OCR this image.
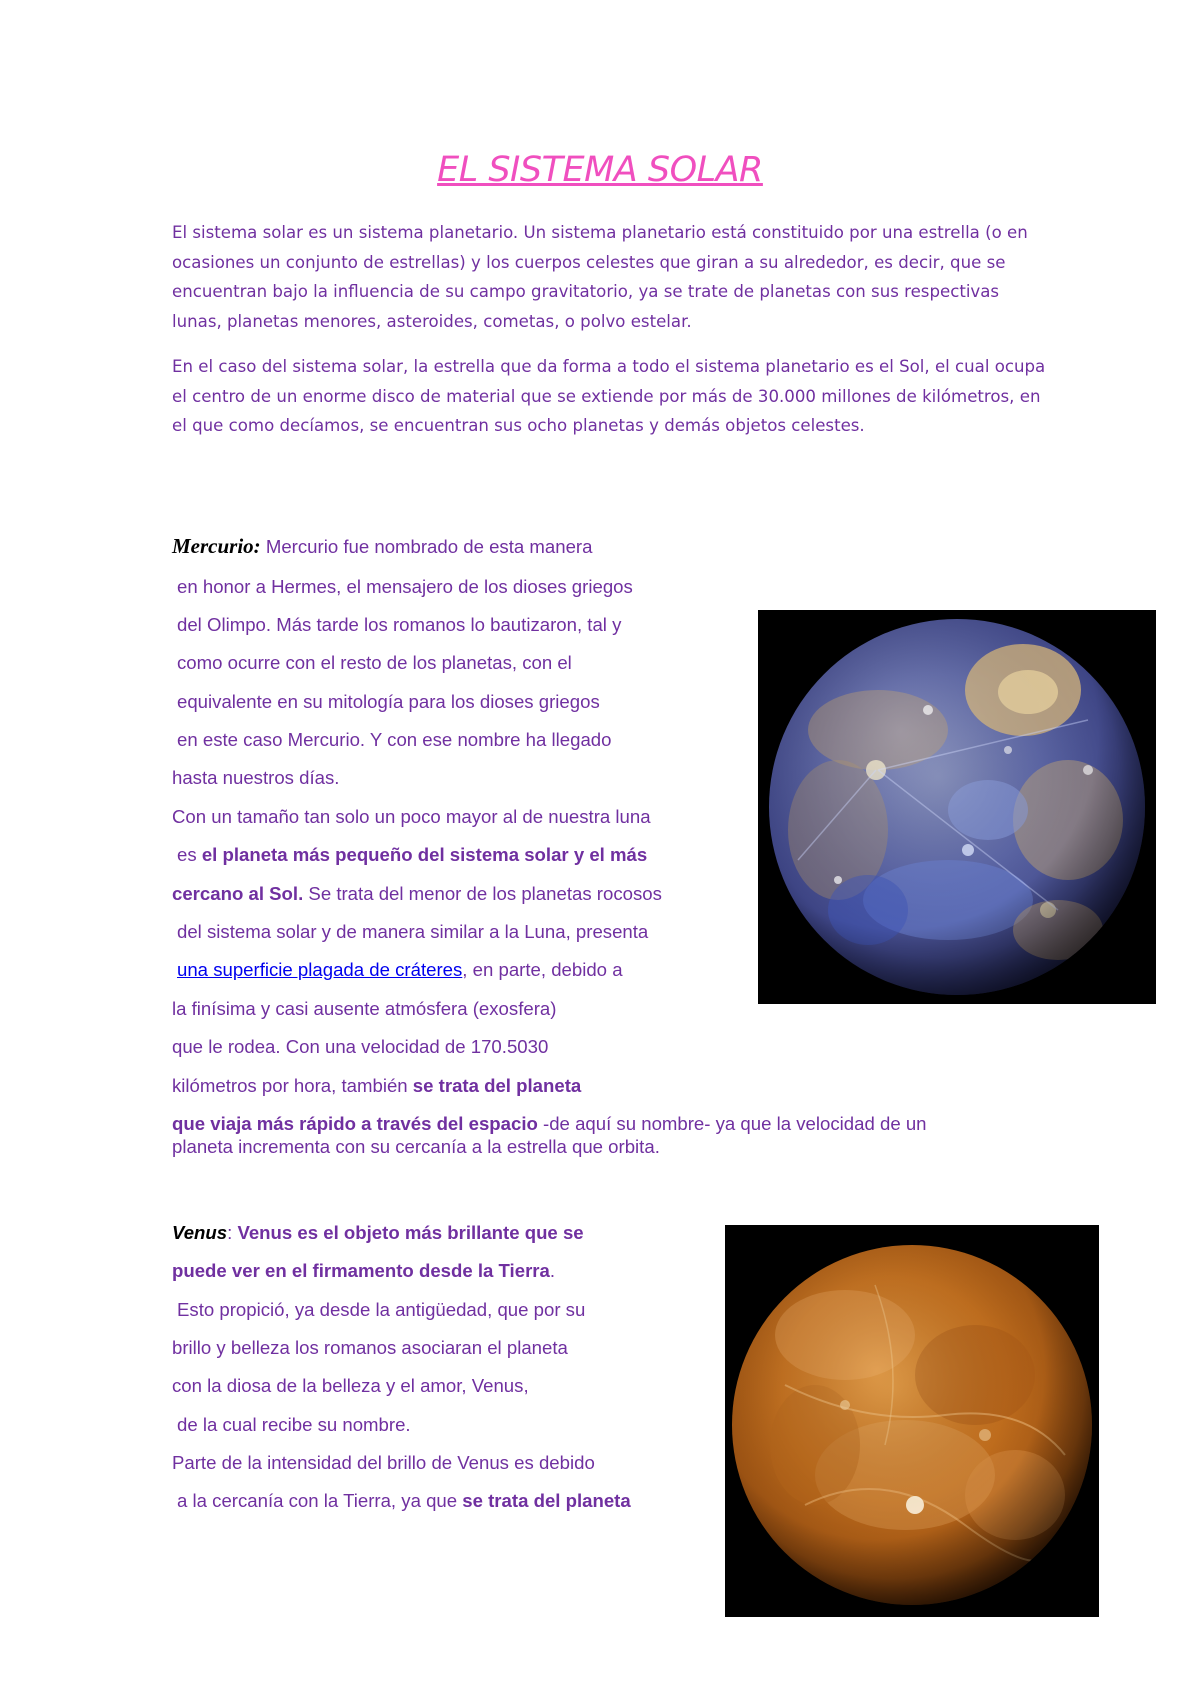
EL SISTEMA SOLAR

El sistema solar es un sistema planetario. Un sistema planetario está constituido por una estrella (o en ocasiones un conjunto de estrellas) y los cuerpos celestes que giran a su alrededor, es decir, que se encuentran bajo la influencia de su campo gravitatorio, ya se trate de planetas con sus respectivas lunas, planetas menores, asteroides, cometas, o polvo estelar.

En el caso del sistema solar, la estrella que da forma a todo el sistema planetario es el Sol, el cual ocupa el centro de un enorme disco de material que se extiende por más de 30.000 millones de kilómetros, en el que como decíamos, se encuentran sus ocho planetas y demás objetos celestes.

Mercurio: Mercurio fue nombrado de esta manera
en honor a Hermes, el mensajero de los dioses griegos
del Olimpo. Más tarde los romanos lo bautizaron, tal y
como ocurre con el resto de los planetas, con el
equivalente en su mitología para los dioses griegos
en este caso Mercurio. Y con ese nombre ha llegado
hasta nuestros días.
Con un tamaño tan solo un poco mayor al de nuestra luna
es el planeta más pequeño del sistema solar y el más
cercano al Sol. Se trata del menor de los planetas rocosos
del sistema solar y de manera similar a la Luna, presenta
una superficie plagada de cráteres, en parte, debido a
la finísima y casi ausente atmósfera (exosfera)
que le rodea. Con una velocidad de 170.5030
kilómetros por hora, también se trata del planeta
que viaja más rápido a través del espacio -de aquí su nombre- ya que la velocidad de un
planeta incrementa con su cercanía a la estrella que orbita.
Venus: Venus es el objeto más brillante que se
puede ver en el firmamento desde la Tierra.
Esto propició, ya desde la antigüedad, que por su
brillo y belleza los romanos asociaran el planeta
con la diosa de la belleza y el amor, Venus,
de la cual recibe su nombre.
Parte de la intensidad del brillo de Venus es debido
a la cercanía con la Tierra, ya que se trata del planeta
